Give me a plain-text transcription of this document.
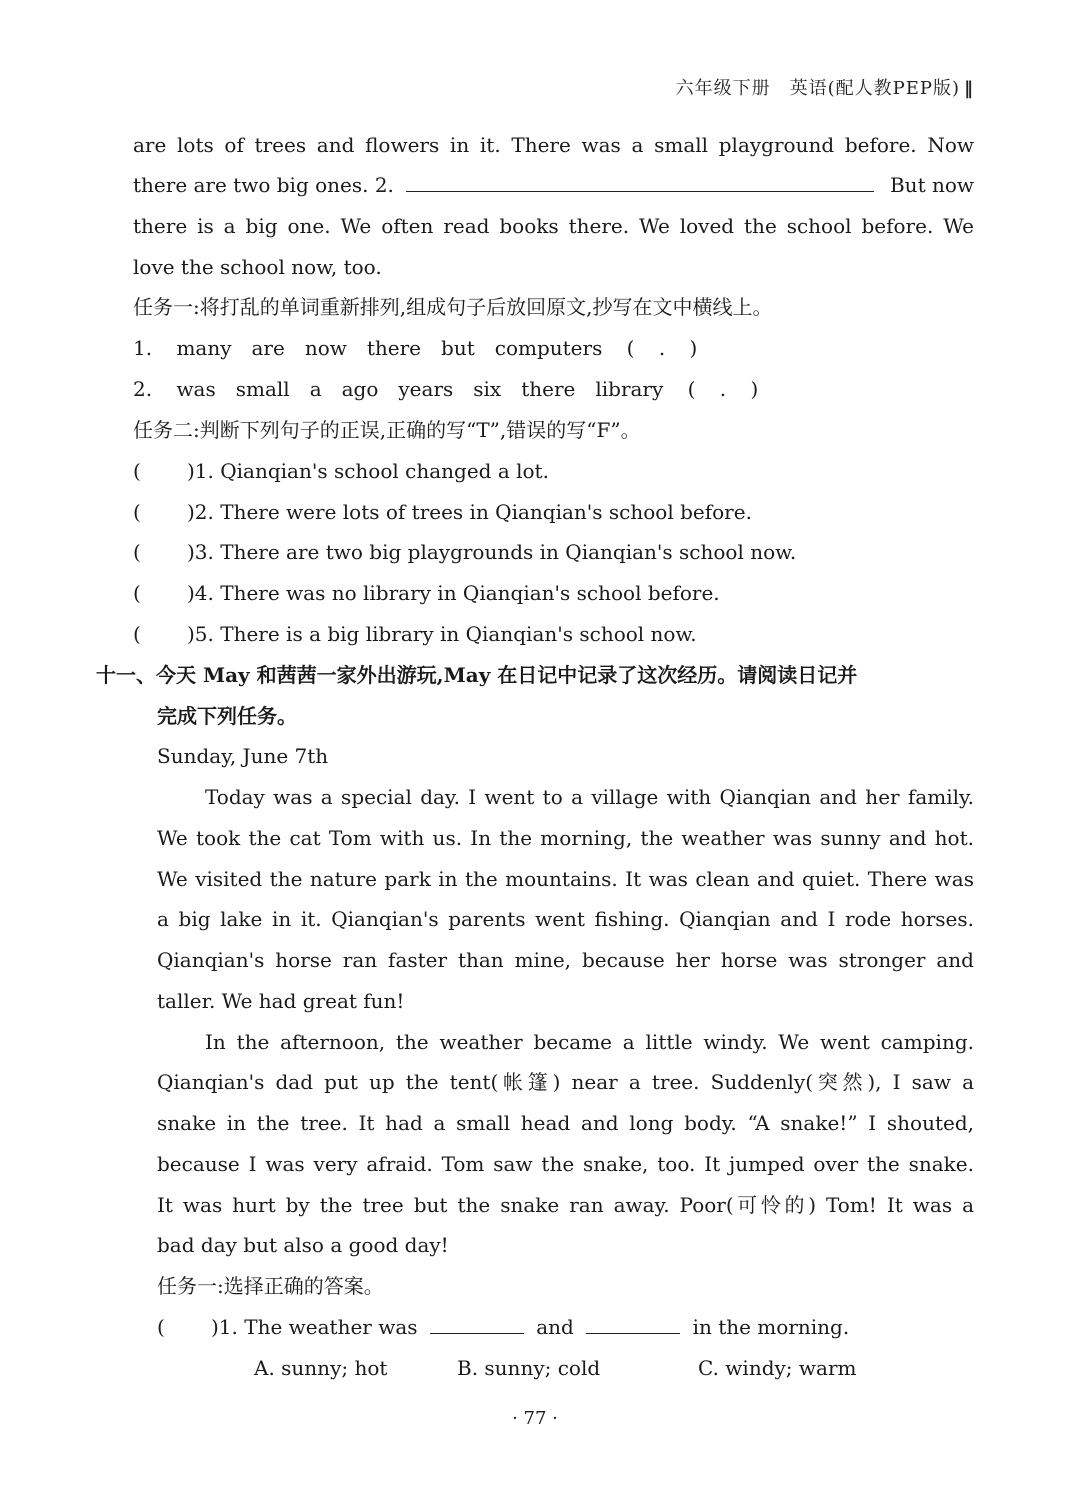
六年级下册　英语(配人教PEP版) ‖
are lots of trees and flowers in it. There was a small playground before. Now
there are two big ones. 2.	But now
there is a big one. We often read books there. We loved the school before. We
love the school now, too.
任务一:将打乱的单词重新排列,组成句子后放回原文,抄写在文中横线上。
1. many　are　now　there　but　computers ( . )
2. was　small　a　ago　years　six　there　library ( . )
任务二:判断下列句子的正误,正确的写“T”,错误的写“F”。
( )1. Qianqian's school changed a lot.
( )2. There were lots of trees in Qianqian's school before.
( )3. There are two big playgrounds in Qianqian's school now.
( )4. There was no library in Qianqian's school before.
( )5. There is a big library in Qianqian's school now.
十一、今天 May 和茜茜一家外出游玩,May 在日记中记录了这次经历。请阅读日记并
完成下列任务。
Sunday, June 7th
Today was a special day. I went to a village with Qianqian and her family.
We took the cat Tom with us. In the morning, the weather was sunny and hot.
We visited the nature park in the mountains. It was clean and quiet. There was
a big lake in it. Qianqian's parents went fishing. Qianqian and I rode horses.
Qianqian's horse ran faster than mine, because her horse was stronger and
taller. We had great fun!
In the afternoon, the weather became a little windy. We went camping.
Qianqian's dad put up the tent(帐篷) near a tree. Suddenly(突然), I saw a
snake in the tree. It had a small head and long body. “A snake!” I shouted,
because I was very afraid. Tom saw the snake, too. It jumped over the snake.
It was hurt by the tree but the snake ran away. Poor(可怜的) Tom! It was a
bad day but also a good day!
任务一:选择正确的答案。
( )1. The weather was	and	in the morning.
A. sunny; hot	B. sunny; cold	C. windy; warm
· 77 ·
